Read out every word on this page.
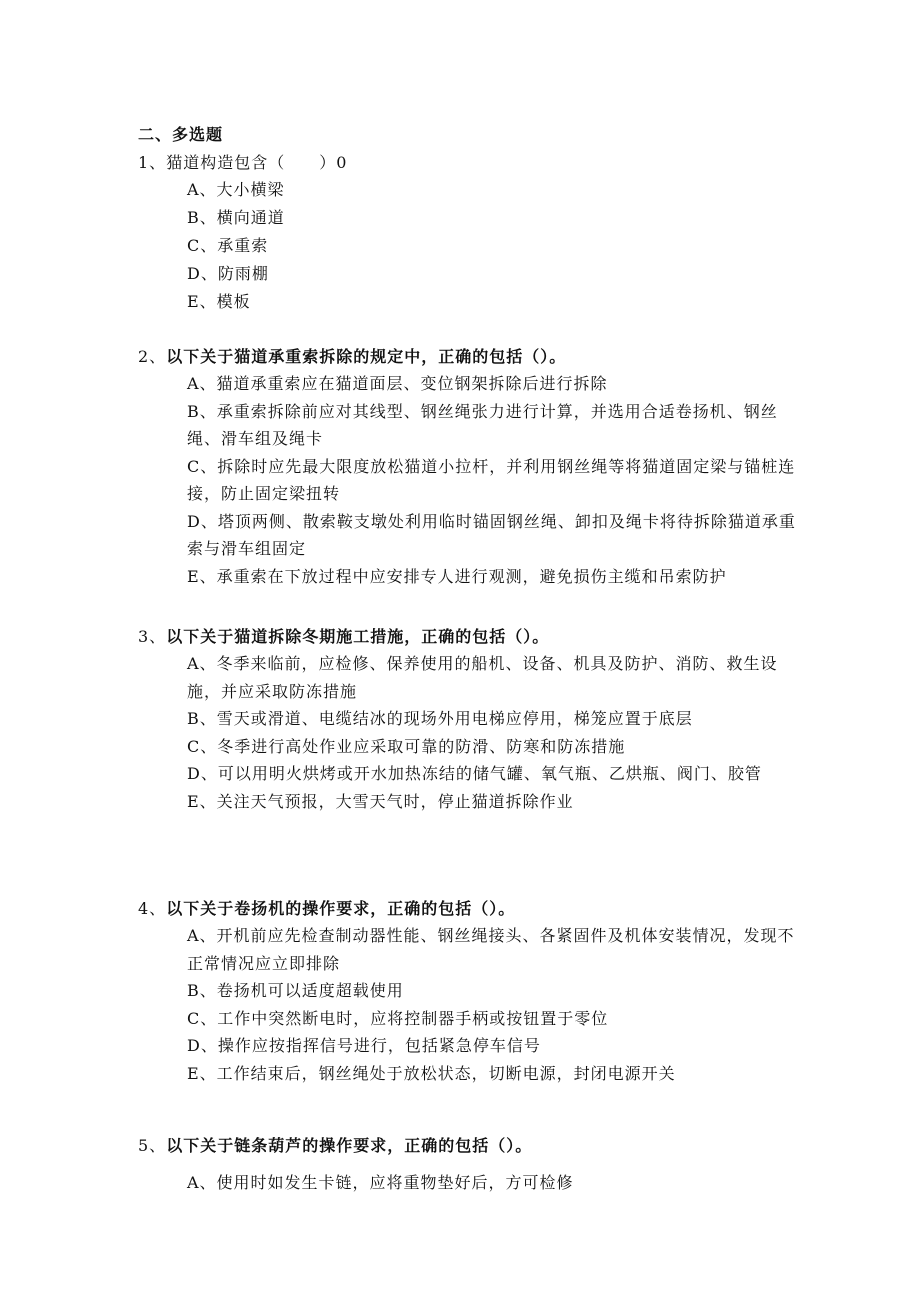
二、多选题

1、猫道构造包含（　　）0

A、大小横梁
B、横向通道
C、承重索
D、防雨棚
E、模板

2、以下关于猫道承重索拆除的规定中，正确的包括（）。

A、猫道承重索应在猫道面层、变位钢架拆除后进行拆除
B、承重索拆除前应对其线型、钢丝绳张力进行计算，并选用合适卷扬机、钢丝绳、滑车组及绳卡
C、拆除时应先最大限度放松猫道小拉杆，并利用钢丝绳等将猫道固定梁与锚桩连接，防止固定梁扭转
D、塔顶两侧、散索鞍支墩处利用临时锚固钢丝绳、卸扣及绳卡将待拆除猫道承重索与滑车组固定
E、承重索在下放过程中应安排专人进行观测，避免损伤主缆和吊索防护

3、以下关于猫道拆除冬期施工措施，正确的包括（）。

A、冬季来临前，应检修、保养使用的船机、设备、机具及防护、消防、救生设施，并应采取防冻措施
B、雪天或滑道、电缆结冰的现场外用电梯应停用，梯笼应置于底层
C、冬季进行高处作业应采取可靠的防滑、防寒和防冻措施
D、可以用明火烘烤或开水加热冻结的储气罐、氧气瓶、乙烘瓶、阀门、胶管
E、关注天气预报，大雪天气时，停止猫道拆除作业

4、以下关于卷扬机的操作要求，正确的包括（）。

A、开机前应先检查制动器性能、钢丝绳接头、各紧固件及机体安装情况，发现不正常情况应立即排除
B、卷扬机可以适度超载使用
C、工作中突然断电时，应将控制器手柄或按钮置于零位
D、操作应按指挥信号进行，包括紧急停车信号
E、工作结束后，钢丝绳处于放松状态，切断电源，封闭电源开关

5、以下关于链条葫芦的操作要求，正确的包括（）。

A、使用时如发生卡链，应将重物垫好后，方可检修
